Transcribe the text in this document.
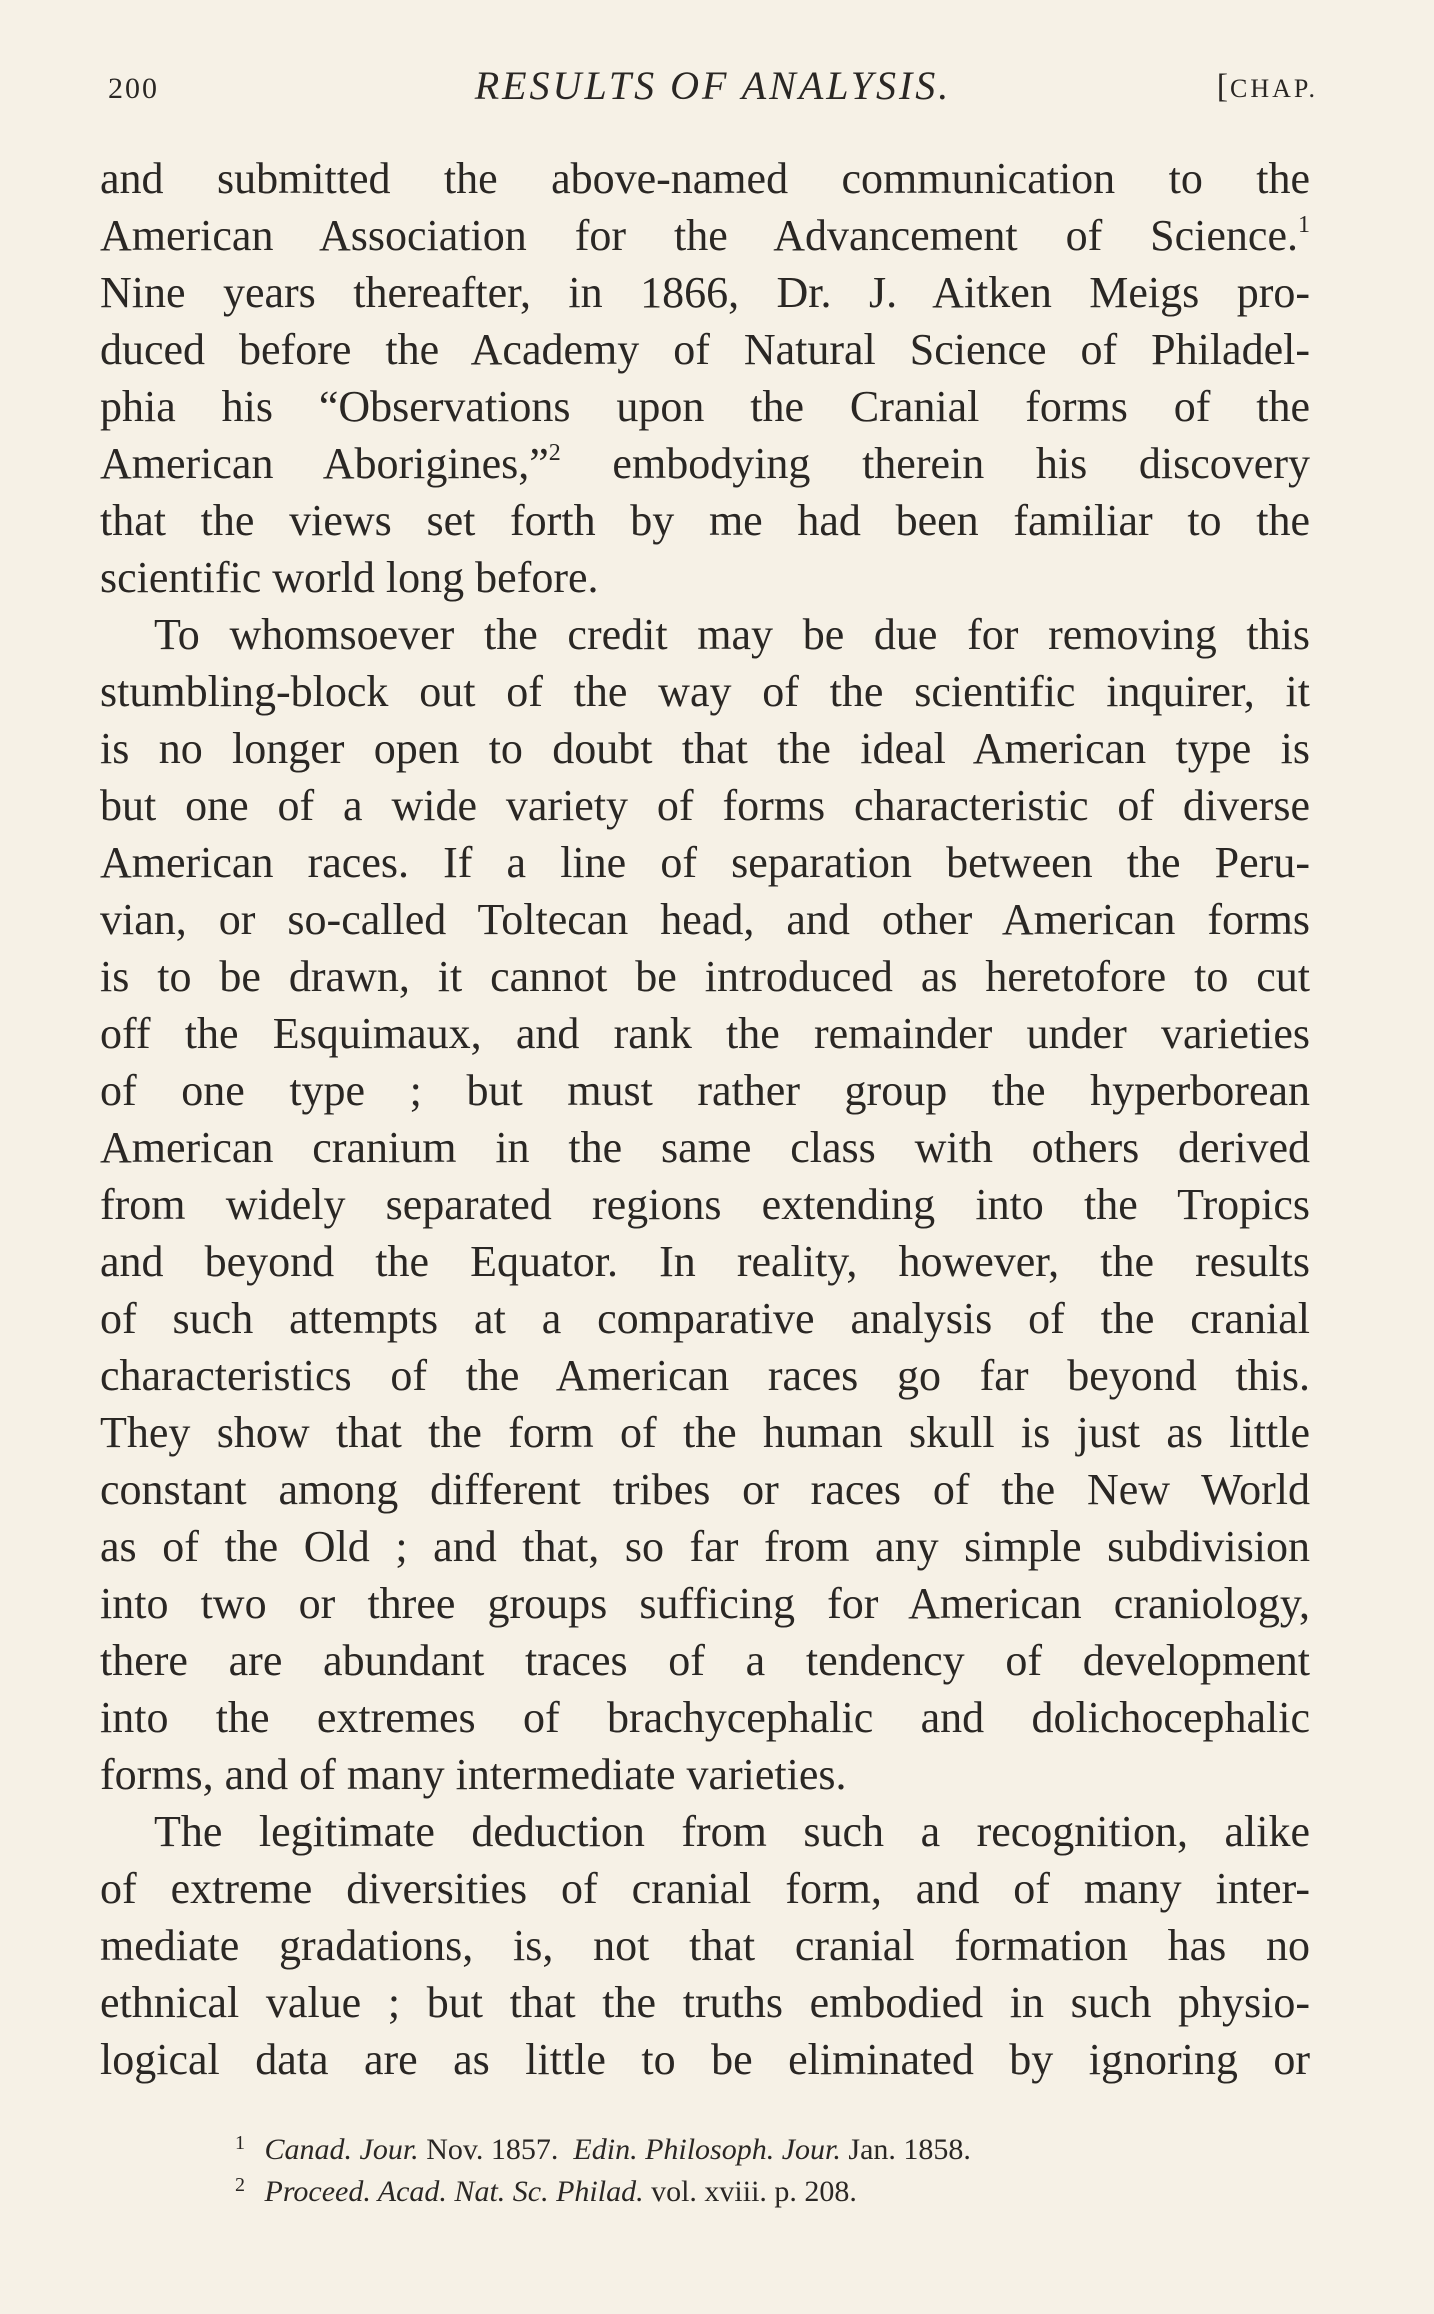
200	RESULTS OF ANALYSIS.	[CHAP.
and submitted the above-named communication to the
American Association for the Advancement of Science.$^1$
Nine years thereafter, in 1866, Dr. J. Aitken Meigs pro-
duced before the Academy of Natural Science of Philadel-
phia his “Observations upon the Cranial forms of the
American Aborigines,”$^2$ embodying therein his discovery
that the views set forth by me had been familiar to the
scientific world long before.
To whomsoever the credit may be due for removing this
stumbling-block out of the way of the scientific inquirer, it
is no longer open to doubt that the ideal American type is
but one of a wide variety of forms characteristic of diverse
American races. If a line of separation between the Peru-
vian, or so-called Toltecan head, and other American forms
is to be drawn, it cannot be introduced as heretofore to cut
off the Esquimaux, and rank the remainder under varieties
of one type ; but must rather group the hyperborean
American cranium in the same class with others derived
from widely separated regions extending into the Tropics
and beyond the Equator. In reality, however, the results
of such attempts at a comparative analysis of the cranial
characteristics of the American races go far beyond this.
They show that the form of the human skull is just as little
constant among different tribes or races of the New World
as of the Old ; and that, so far from any simple subdivision
into two or three groups sufficing for American craniology,
there are abundant traces of a tendency of development
into the extremes of brachycephalic and dolichocephalic
forms, and of many intermediate varieties.
The legitimate deduction from such a recognition, alike
of extreme diversities of cranial form, and of many inter-
mediate gradations, is, not that cranial formation has no
ethnical value ; but that the truths embodied in such physio-
logical data are as little to be eliminated by ignoring or
$^1$ Canad. Jour. Nov. 1857. Edin. Philosoph. Jour. Jan. 1858.
$^2$ Proceed. Acad. Nat. Sc. Philad. vol. xviii. p. 208.
